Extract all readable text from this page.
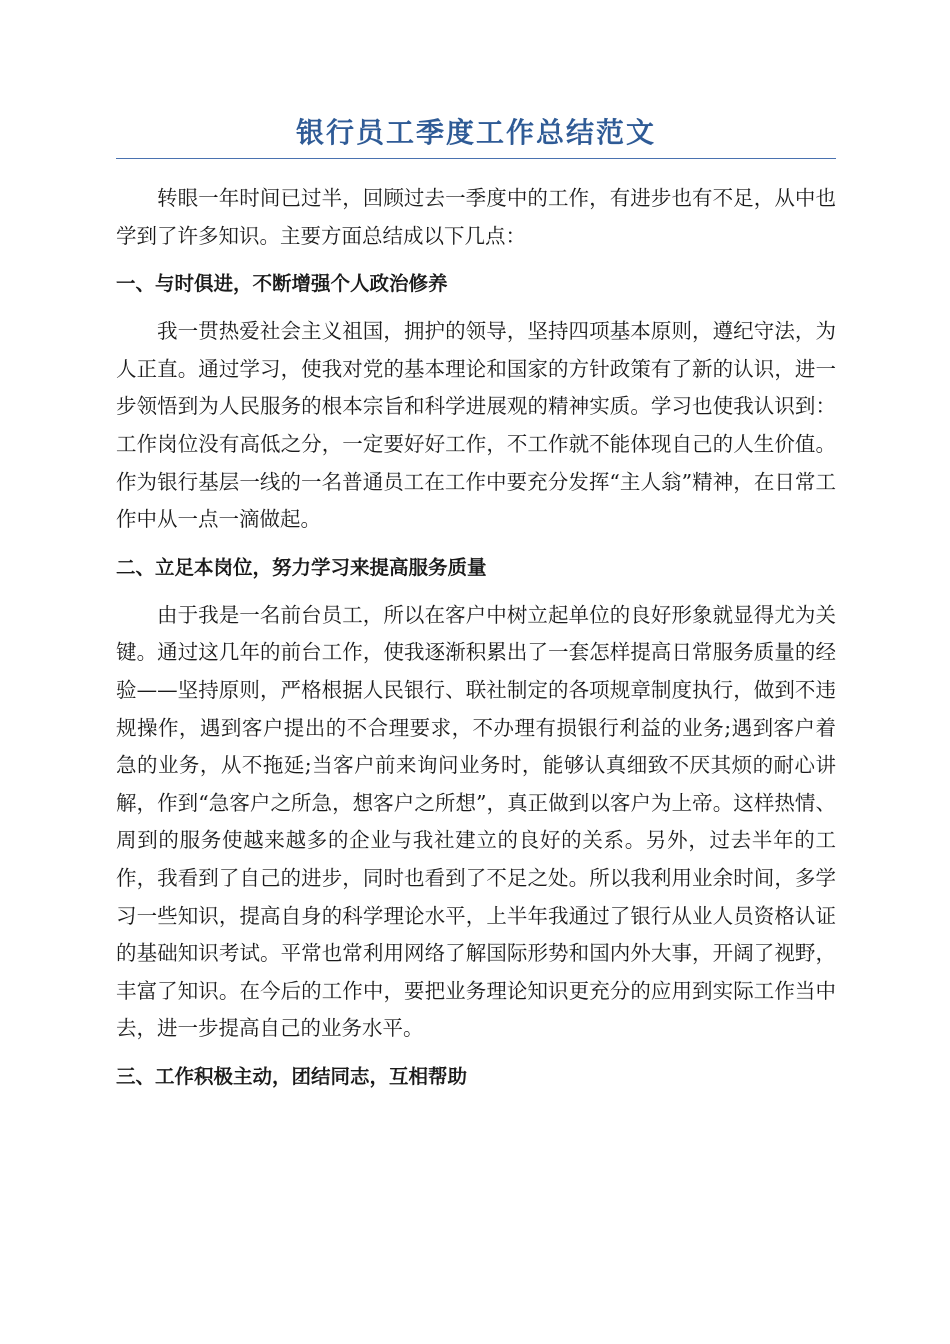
银行员工季度工作总结范文

转眼一年时间已过半，回顾过去一季度中的工作，有进步也有不足，从中也学到了许多知识。主要方面总结成以下几点：

一、与时俱进，不断增强个人政治修养

我一贯热爱社会主义祖国，拥护的领导，坚持四项基本原则，遵纪守法，为人正直。通过学习，使我对党的基本理论和国家的方针政策有了新的认识，进一步领悟到为人民服务的根本宗旨和科学进展观的精神实质。学习也使我认识到：工作岗位没有高低之分，一定要好好工作，不工作就不能体现自己的人生价值。作为银行基层一线的一名普通员工在工作中要充分发挥“主人翁”精神，在日常工作中从一点一滴做起。

二、立足本岗位，努力学习来提高服务质量

由于我是一名前台员工，所以在客户中树立起单位的良好形象就显得尤为关键。通过这几年的前台工作，使我逐渐积累出了一套怎样提高日常服务质量的经验——坚持原则，严格根据人民银行、联社制定的各项规章制度执行，做到不违规操作，遇到客户提出的不合理要求，不办理有损银行利益的业务;遇到客户着急的业务，从不拖延;当客户前来询问业务时，能够认真细致不厌其烦的耐心讲解，作到“急客户之所急，想客户之所想”，真正做到以客户为上帝。这样热情、周到的服务使越来越多的企业与我社建立的良好的关系。另外，过去半年的工作，我看到了自己的进步，同时也看到了不足之处。所以我利用业余时间，多学习一些知识，提高自身的科学理论水平，上半年我通过了银行从业人员资格认证的基础知识考试。平常也常利用网络了解国际形势和国内外大事，开阔了视野，丰富了知识。在今后的工作中，要把业务理论知识更充分的应用到实际工作当中去，进一步提高自己的业务水平。

三、工作积极主动，团结同志，互相帮助
